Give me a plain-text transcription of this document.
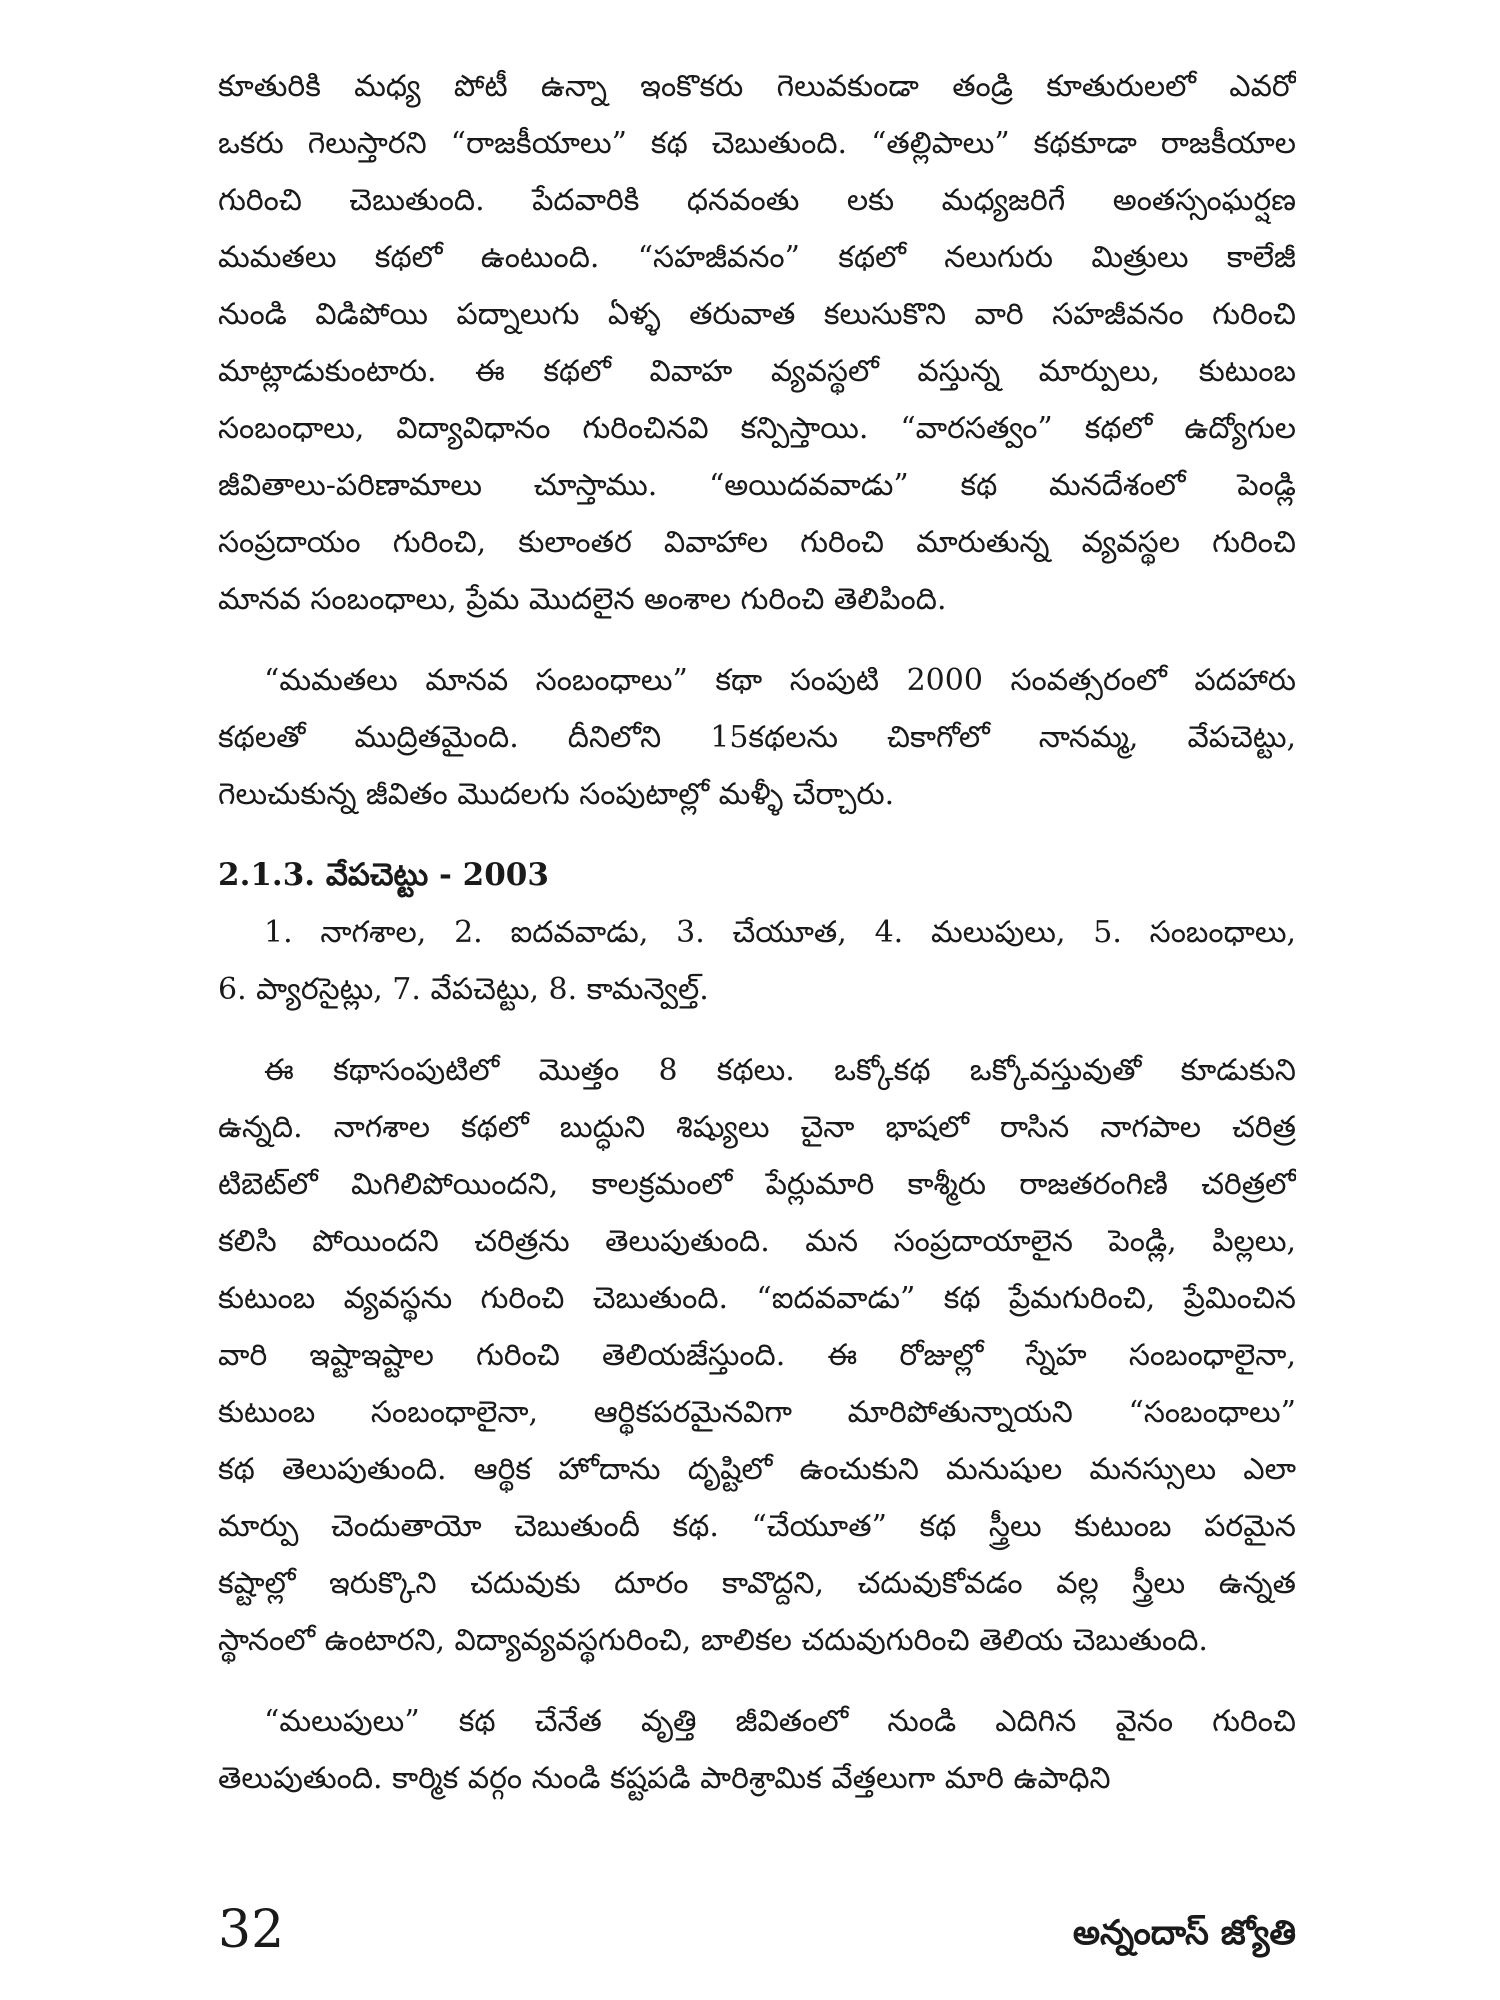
కూతురికి మధ్య పోటీ ఉన్నా ఇంకొకరు గెలువకుండా తండ్రి కూతురులలో ఎవరో

ఒకరు గెలుస్తారని “రాజకీయాలు” కథ చెబుతుంది. “తల్లిపాలు” కథకూడా రాజకీయాల

గురించి చెబుతుంది. పేదవారికి ధనవంతు లకు మధ్యజరిగే అంతస్సంఘర్షణ

మమతలు కథలో ఉంటుంది. “సహజీవనం” కథలో నలుగురు మిత్రులు కాలేజీ

నుండి విడిపోయి పద్నాలుగు ఏళ్ళ తరువాత కలుసుకొని వారి సహజీవనం గురించి

మాట్లాడుకుంటారు. ఈ కథలో వివాహ వ్యవస్థలో వస్తున్న మార్పులు, కుటుంబ

సంబంధాలు, విద్యావిధానం గురించినవి కన్పిస్తాయి. “వారసత్వం” కథలో ఉద్యోగుల

జీవితాలు-పరిణామాలు చూస్తాము. “అయిదవవాడు” కథ మనదేశంలో పెండ్లి

సంప్రదాయం గురించి, కులాంతర వివాహాల గురించి మారుతున్న వ్యవస్థల గురించి

మానవ సంబంధాలు, ప్రేమ మొదలైన అంశాల గురించి తెలిపింది.

“మమతలు మానవ సంబంధాలు” కథా సంపుటి 2000 సంవత్సరంలో పదహారు

కథలతో ముద్రితమైంది. దీనిలోని 15కథలను చికాగోలో నానమ్మ, వేపచెట్టు,

గెలుచుకున్న జీవితం మొదలగు సంపుటాల్లో మళ్ళీ చేర్చారు.

2.1.3. వేపచెట్టు - 2003

1. నాగశాల, 2. ఐదవవాడు, 3. చేయూత, 4. మలుపులు, 5. సంబంధాలు,

6. ప్యారసైట్లు, 7. వేపచెట్టు, 8. కామన్వెల్త్.

ఈ కథాసంపుటిలో మొత్తం 8 కథలు. ఒక్కోకథ ఒక్కోవస్తువుతో కూడుకుని

ఉన్నది. నాగశాల కథలో బుద్ధుని శిష్యులు చైనా భాషలో రాసిన నాగపాల చరిత్ర

టిబెట్‌లో మిగిలిపోయిందని, కాలక్రమంలో పేర్లుమారి కాశ్మీరు రాజతరంగిణి చరిత్రలో

కలిసి పోయిందని చరిత్రను తెలుపుతుంది. మన సంప్రదాయాలైన పెండ్లి, పిల్లలు,

కుటుంబ వ్యవస్థను గురించి చెబుతుంది. “ఐదవవాడు” కథ ప్రేమగురించి, ప్రేమించిన

వారి ఇష్టాఇష్టాల గురించి తెలియజేస్తుంది. ఈ రోజుల్లో స్నేహ సంబంధాలైనా,

కుటుంబ సంబంధాలైనా, ఆర్థికపరమైనవిగా మారిపోతున్నాయని “సంబంధాలు”

కథ తెలుపుతుంది. ఆర్థిక హోదాను దృష్టిలో ఉంచుకుని మనుషుల మనస్సులు ఎలా

మార్పు చెందుతాయో చెబుతుందీ కథ. “చేయూత” కథ స్త్రీలు కుటుంబ పరమైన

కష్టాల్లో ఇరుక్కొని చదువుకు దూరం కావొద్దని, చదువుకోవడం వల్ల స్త్రీలు ఉన్నత

స్థానంలో ఉంటారని, విద్యావ్యవస్థగురించి, బాలికల చదువుగురించి తెలియ చెబుతుంది.

“మలుపులు” కథ చేనేత వృత్తి జీవితంలో నుండి ఎదిగిన వైనం గురించి

తెలుపుతుంది. కార్మిక వర్గం నుండి కష్టపడి పారిశ్రామిక వేత్తలుగా మారి ఉపాధిని

32	అన్నందాస్ జ్యోతి
